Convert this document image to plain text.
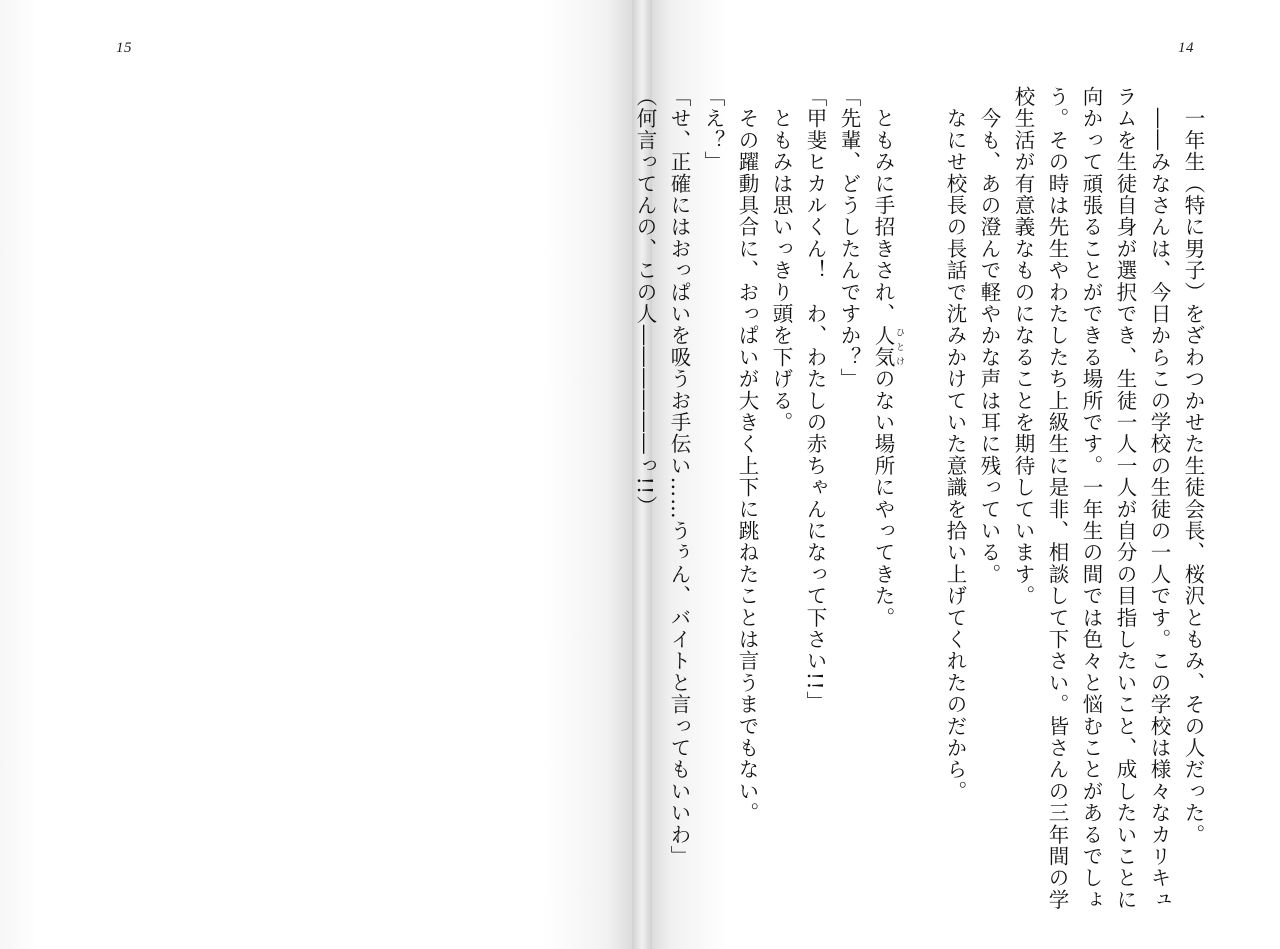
15	14
　一年生（特に男子）をざわつかせた生徒会長、桜沢ともみ、その人だった。
　――みなさんは、今日からこの学校の生徒の一人です。この学校は様々なカリキュ
ラムを生徒自身が選択でき、生徒一人一人が自分の目指したいこと、成したいことに
向かって頑張ることができる場所です。一年生の間では色々と悩むことがあるでしょ
う。その時は先生やわたしたち上級生に是非、相談して下さい。皆さんの三年間の学
校生活が有意義なものになることを期待しています。
　今も、あの澄んで軽やかな声は耳に残っている。
　なにせ校長の長話で沈みかけていた意識を拾い上げてくれたのだから。

　ともみに手招きされ、人気 ひとけのない場所にやってきた。
「先輩、どうしたんですか？」
「甲斐ヒカルくん！　わ、わたしの赤ちゃんになって下さい!!」
　ともみは思いっきり頭を下げる。
　その躍動具合に、おっぱいが大きく上下に跳ねたことは言うまでもない。
「え？」
「せ、正確にはおっぱいを吸うお手伝い……うぅん、バイトと言ってもいいわ」
（何言ってんの、この人――――――っ!!）
